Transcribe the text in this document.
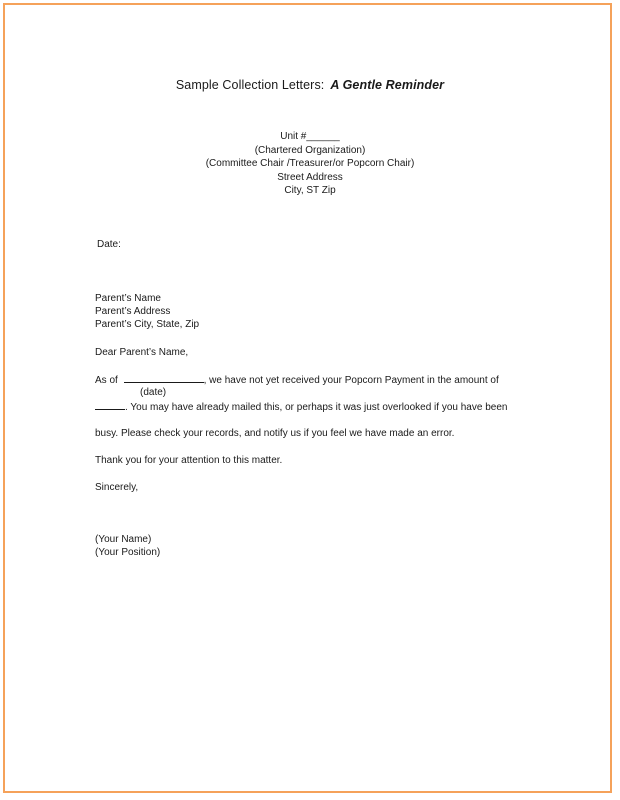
Sample Collection Letters: A Gentle Reminder
Unit #______
(Chartered Organization)
(Committee Chair /Treasurer/or Popcorn Chair)
Street Address
City, ST Zip
Date:
Parent’s Name
Parent’s Address
Parent’s City, State, Zip
Dear Parent’s Name,
As of	, we have not yet received your Popcorn Payment in the amount of
(date)
. You may have already mailed this, or perhaps it was just overlooked if you have been
busy. Please check your records, and notify us if you feel we have made an error.
Thank you for your attention to this matter.
Sincerely,
(Your Name)
(Your Position)
